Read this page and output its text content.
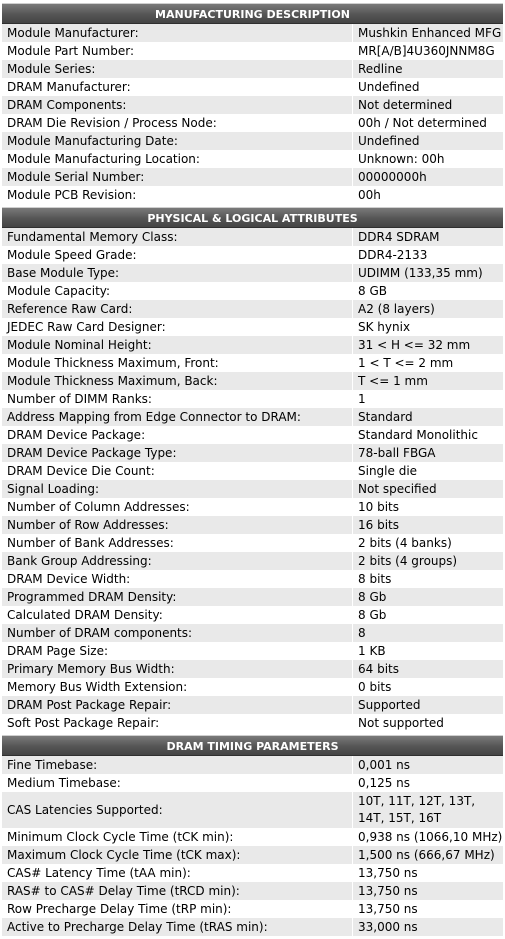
MANUFACTURING DESCRIPTION
Module Manufacturer:	Mushkin Enhanced MFG
Module Part Number:	MR[A/B]4U360JNNM8G
Module Series:	Redline
DRAM Manufacturer:	Undefined
DRAM Components:	Not determined
DRAM Die Revision / Process Node:	00h / Not determined
Module Manufacturing Date:	Undefined
Module Manufacturing Location:	Unknown: 00h
Module Serial Number:	00000000h
Module PCB Revision:	00h
PHYSICAL & LOGICAL ATTRIBUTES
Fundamental Memory Class:	DDR4 SDRAM
Module Speed Grade:	DDR4-2133
Base Module Type:	UDIMM (133,35 mm)
Module Capacity:	8 GB
Reference Raw Card:	A2 (8 layers)
JEDEC Raw Card Designer:	SK hynix
Module Nominal Height:	31 < H <= 32 mm
Module Thickness Maximum, Front:	1 < T <= 2 mm
Module Thickness Maximum, Back:	T <= 1 mm
Number of DIMM Ranks:	1
Address Mapping from Edge Connector to DRAM:	Standard
DRAM Device Package:	Standard Monolithic
DRAM Device Package Type:	78-ball FBGA
DRAM Device Die Count:	Single die
Signal Loading:	Not specified
Number of Column Addresses:	10 bits
Number of Row Addresses:	16 bits
Number of Bank Addresses:	2 bits (4 banks)
Bank Group Addressing:	2 bits (4 groups)
DRAM Device Width:	8 bits
Programmed DRAM Density:	8 Gb
Calculated DRAM Density:	8 Gb
Number of DRAM components:	8
DRAM Page Size:	1 KB
Primary Memory Bus Width:	64 bits
Memory Bus Width Extension:	0 bits
DRAM Post Package Repair:	Supported
Soft Post Package Repair:	Not supported
DRAM TIMING PARAMETERS
Fine Timebase:	0,001 ns
Medium Timebase:	0,125 ns
CAS Latencies Supported:
10T, 11T, 12T, 13T, 14T, 15T, 16T
Minimum Clock Cycle Time (tCK min):	0,938 ns (1066,10 MHz)
Maximum Clock Cycle Time (tCK max):	1,500 ns (666,67 MHz)
CAS# Latency Time (tAA min):	13,750 ns
RAS# to CAS# Delay Time (tRCD min):	13,750 ns
Row Precharge Delay Time (tRP min):	13,750 ns
Active to Precharge Delay Time (tRAS min):	33,000 ns
